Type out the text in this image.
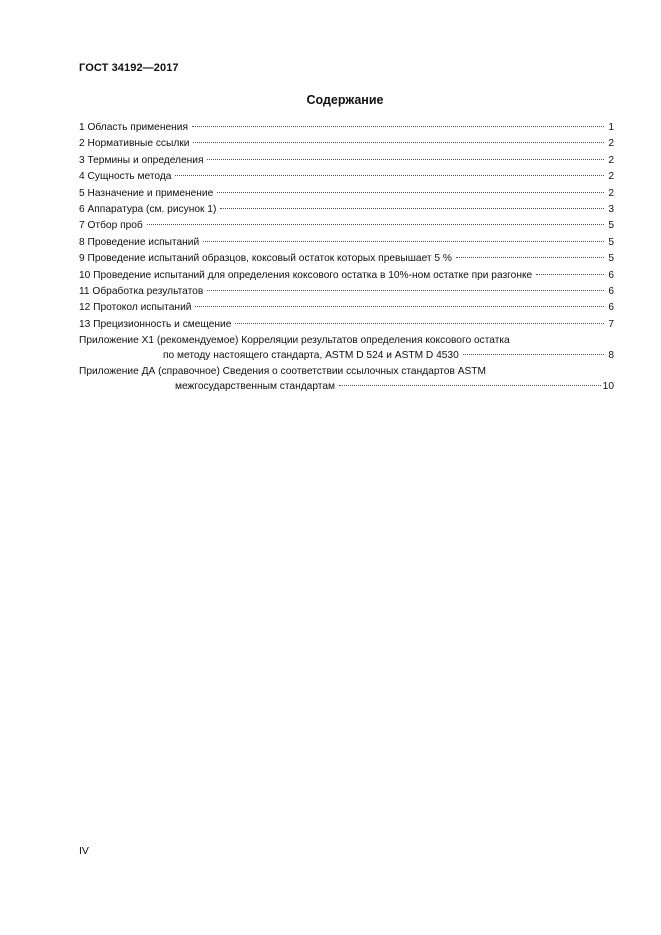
ГОСТ 34192—2017
Содержание
1 Область применения	1
2 Нормативные ссылки	2
3 Термины и определения	2
4 Сущность метода	2
5 Назначение и применение	2
6 Аппаратура (см. рисунок 1)	3
7 Отбор проб	5
8 Проведение испытаний	5
9 Проведение испытаний образцов, коксовый остаток которых превышает 5 %	5
10 Проведение испытаний для определения коксового остатка в 10%-ном остатке при разгонке	6
11 Обработка результатов	6
12 Протокол испытаний	6
13 Прецизионность и смещение	7
Приложение Х1 (рекомендуемое) Корреляции результатов определения коксового остатка
по методу настоящего стандарта, ASTM D 524 и ASTM D 4530	8
Приложение ДА (справочное) Сведения о соответствии ссылочных стандартов ASTM
межгосударственным стандартам	10
IV
